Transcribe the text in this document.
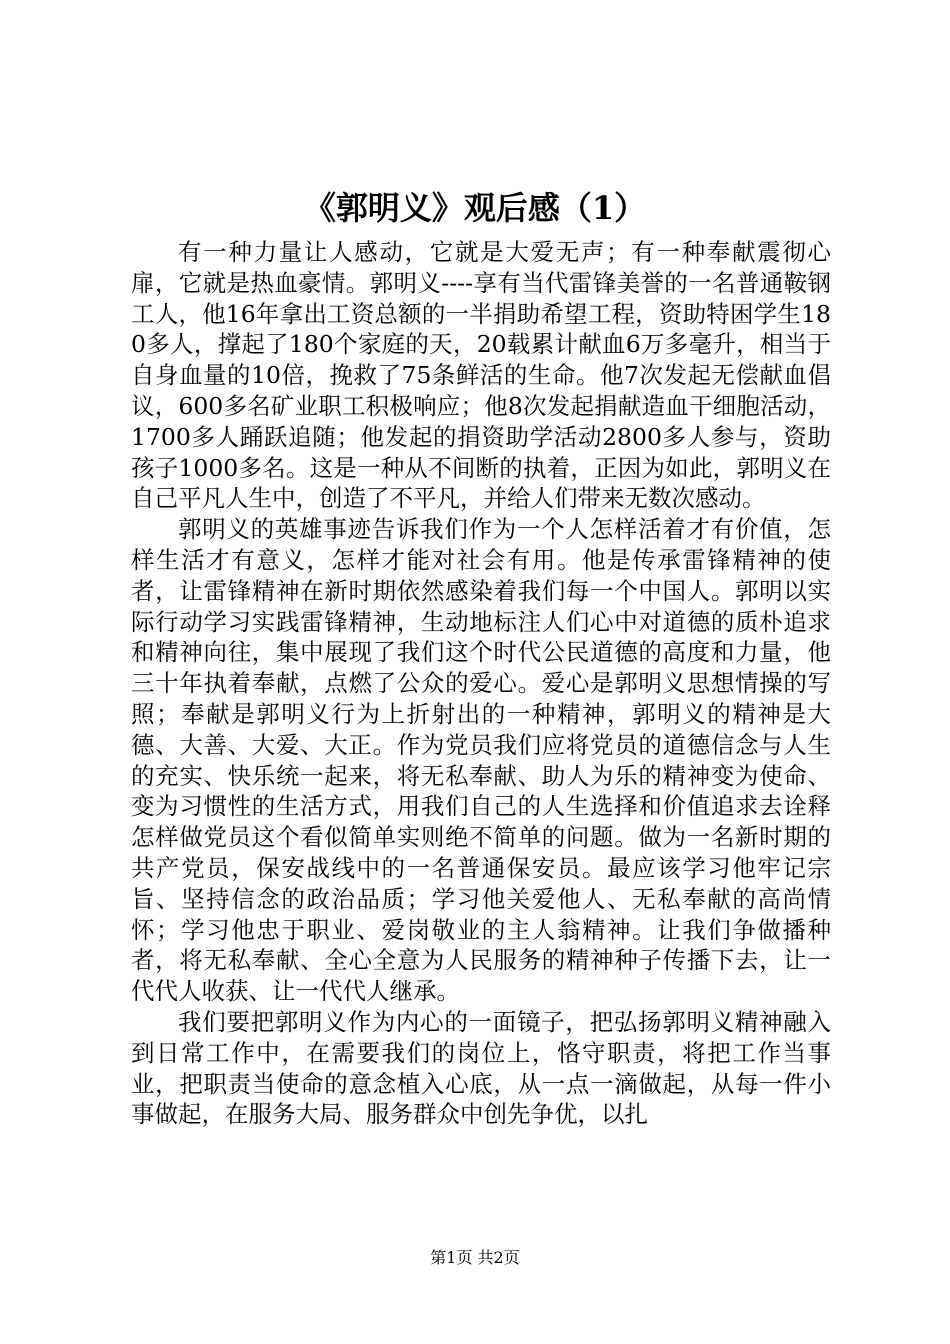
《郭明义》观后感（1）

有一种力量让人感动，它就是大爱无声；有一种奉献震彻心扉，它就是热血豪情。郭明义----享有当代雷锋美誉的一名普通鞍钢工人，他16年拿出工资总额的一半捐助希望工程，资助特困学生180多人，撑起了180个家庭的天，20载累计献血6万多毫升，相当于自身血量的10倍，挽救了75条鲜活的生命。他7次发起无偿献血倡议，600多名矿业职工积极响应；他8次发起捐献造血干细胞活动，1700多人踊跃追随；他发起的捐资助学活动2800多人参与，资助孩子1000多名。这是一种从不间断的执着，正因为如此，郭明义在自己平凡人生中，创造了不平凡，并给人们带来无数次感动。

郭明义的英雄事迹告诉我们作为一个人怎样活着才有价值，怎样生活才有意义，怎样才能对社会有用。他是传承雷锋精神的使者，让雷锋精神在新时期依然感染着我们每一个中国人。郭明以实际行动学习实践雷锋精神，生动地标注人们心中对道德的质朴追求和精神向往，集中展现了我们这个时代公民道德的高度和力量，他三十年执着奉献，点燃了公众的爱心。爱心是郭明义思想情操的写照；奉献是郭明义行为上折射出的一种精神，郭明义的精神是大德、大善、大爱、大正。作为党员我们应将党员的道德信念与人生的充实、快乐统一起来，将无私奉献、助人为乐的精神变为使命、变为习惯性的生活方式，用我们自己的人生选择和价值追求去诠释怎样做党员这个看似简单实则绝不简单的问题。做为一名新时期的共产党员，保安战线中的一名普通保安员。最应该学习他牢记宗旨、坚持信念的政治品质；学习他关爱他人、无私奉献的高尚情怀；学习他忠于职业、爱岗敬业的主人翁精神。让我们争做播种者，将无私奉献、全心全意为人民服务的精神种子传播下去，让一代代人收获、让一代代人继承。

我们要把郭明义作为内心的一面镜子，把弘扬郭明义精神融入到日常工作中，在需要我们的岗位上，恪守职责，将把工作当事业，把职责当使命的意念植入心底，从一点一滴做起，从每一件小事做起，在服务大局、服务群众中创先争优，以扎

第1页 共2页
